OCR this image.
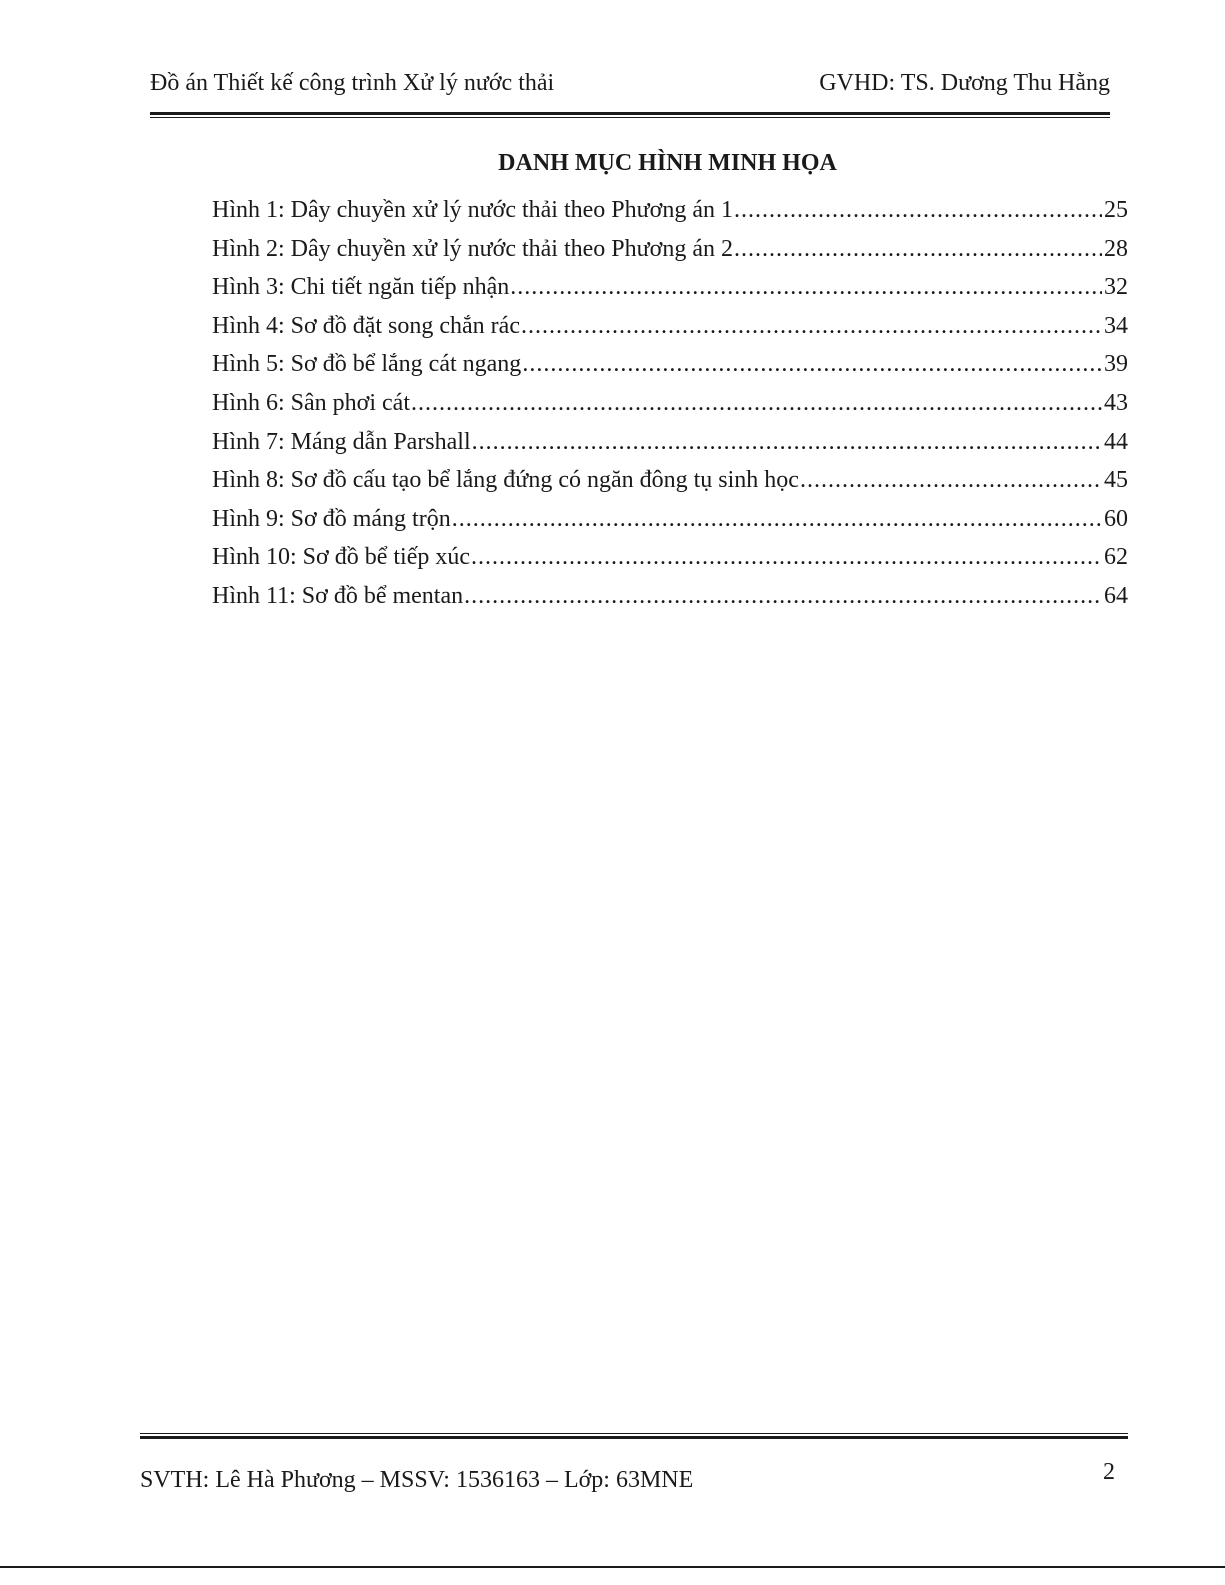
Đồ án Thiết kế công trình Xử lý nước thải	GVHD: TS. Dương Thu Hằng
DANH MỤC HÌNH MINH HỌA
Hình 1: Dây chuyền xử lý nước thải theo Phương án 1 .....	25
Hình 2: Dây chuyền xử lý nước thải theo Phương án 2 .....	28
Hình 3: Chi tiết ngăn tiếp nhận .....	32
Hình 4: Sơ đồ đặt song chắn rác .....	34
Hình 5: Sơ đồ bể lắng cát ngang .....	39
Hình 6: Sân phơi cát .....	43
Hình 7: Máng dẫn Parshall .....	44
Hình 8: Sơ đồ cấu tạo bể lắng đứng có ngăn đông tụ sinh học .....	45
Hình 9: Sơ đồ máng trộn .....	60
Hình 10: Sơ đồ bể tiếp xúc .....	62
Hình 11: Sơ đồ bể mentan .....	64
SVTH: Lê Hà Phương – MSSV: 1536163 – Lớp: 63MNE	2
